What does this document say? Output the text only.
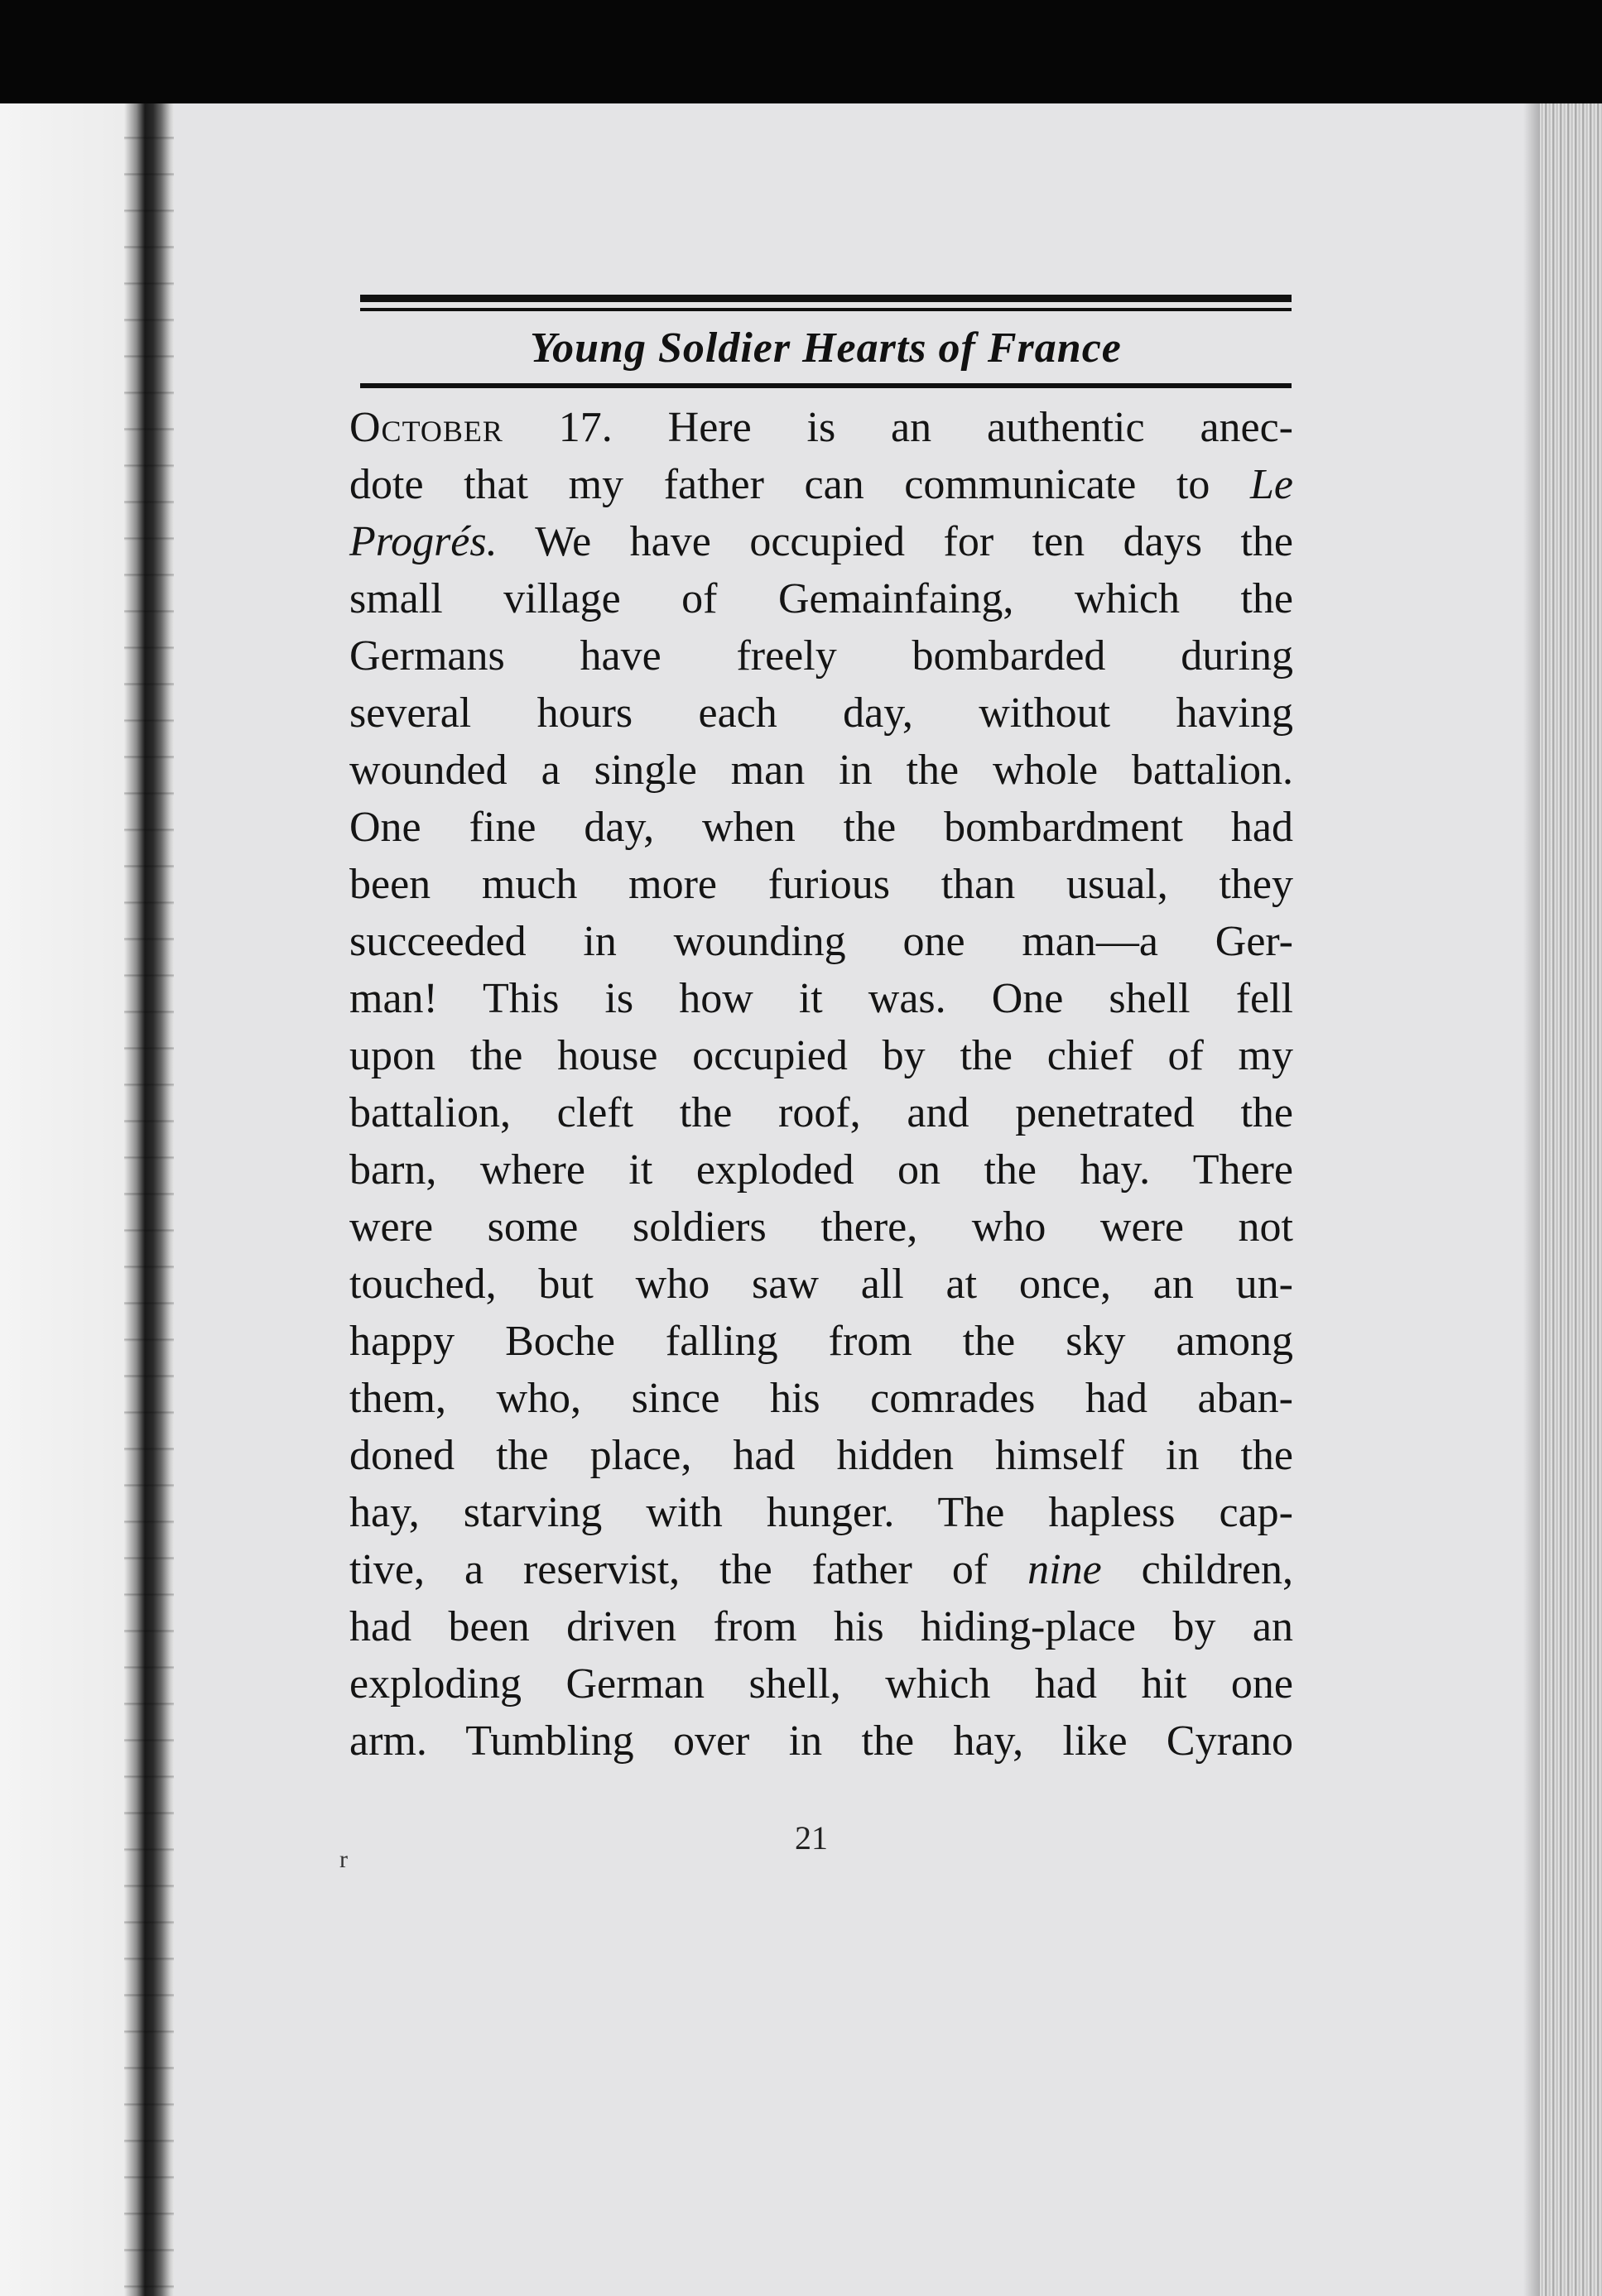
Young Soldier Hearts of France
October 17. Here is an authentic anec-
dote that my father can communicate to Le
Progrés. We have occupied for ten days the
small village of Gemainfaing, which the
Germans have freely bombarded during
several hours each day, without having
wounded a single man in the whole battalion.
One fine day, when the bombardment had
been much more furious than usual, they
succeeded in wounding one man—a Ger-
man! This is how it was. One shell fell
upon the house occupied by the chief of my
battalion, cleft the roof, and penetrated the
barn, where it exploded on the hay. There
were some soldiers there, who were not
touched, but who saw all at once, an un-
happy Boche falling from the sky among
them, who, since his comrades had aban-
doned the place, had hidden himself in the
hay, starving with hunger. The hapless cap-
tive, a reservist, the father of nine children,
had been driven from his hiding-place by an
exploding German shell, which had hit one
arm. Tumbling over in the hay, like Cyrano
21
r
